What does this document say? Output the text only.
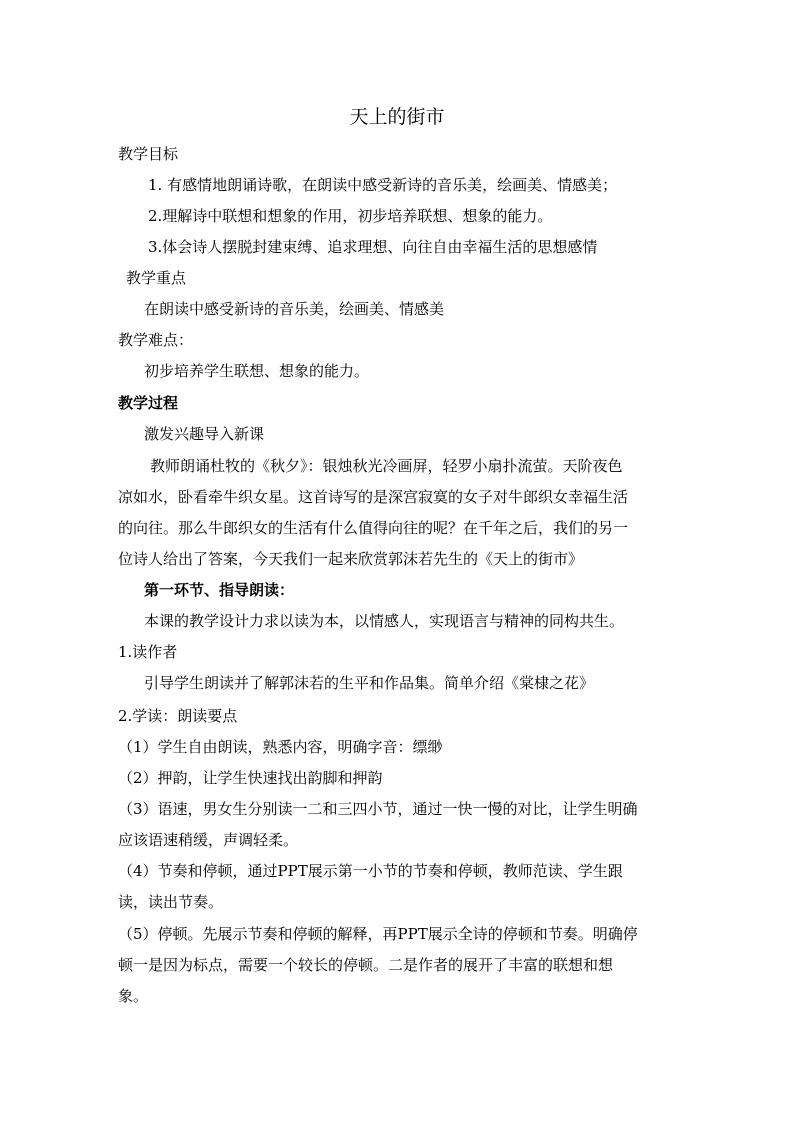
天上的街市
教学目标
1. 有感情地朗诵诗歌，在朗读中感受新诗的音乐美，绘画美、情感美；
2.理解诗中联想和想象的作用，初步培养联想、想象的能力。
3.体会诗人摆脱封建束缚、追求理想、向往自由幸福生活的思想感情
教学重点
在朗读中感受新诗的音乐美，绘画美、情感美
教学难点：
初步培养学生联想、想象的能力。
教学过程
激发兴趣导入新课
教师朗诵杜牧的《秋夕》：银烛秋光冷画屏，轻罗小扇扑流萤。天阶夜色
凉如水，卧看牵牛织女星。这首诗写的是深宫寂寞的女子对牛郎织女幸福生活
的向往。那么牛郎织女的生活有什么值得向往的呢？在千年之后，我们的另一
位诗人给出了答案，今天我们一起来欣赏郭沫若先生的《天上的街市》
第一环节、指导朗读：
本课的教学设计力求以读为本，以情感人，实现语言与精神的同构共生。
1.读作者
引导学生朗读并了解郭沫若的生平和作品集。简单介绍《棠棣之花》
2.学读：朗读要点
（1）学生自由朗读，熟悉内容，明确字音：缥缈
（2）押韵，让学生快速找出韵脚和押韵
（3）语速，男女生分别读一二和三四小节，通过一快一慢的对比，让学生明确
应该语速稍缓，声调轻柔。
（4）节奏和停顿，通过PPT展示第一小节的节奏和停顿，教师范读、学生跟
读，读出节奏。
（5）停顿。先展示节奏和停顿的解释，再PPT展示全诗的停顿和节奏。明确停
顿一是因为标点，需要一个较长的停顿。二是作者的展开了丰富的联想和想
象。
